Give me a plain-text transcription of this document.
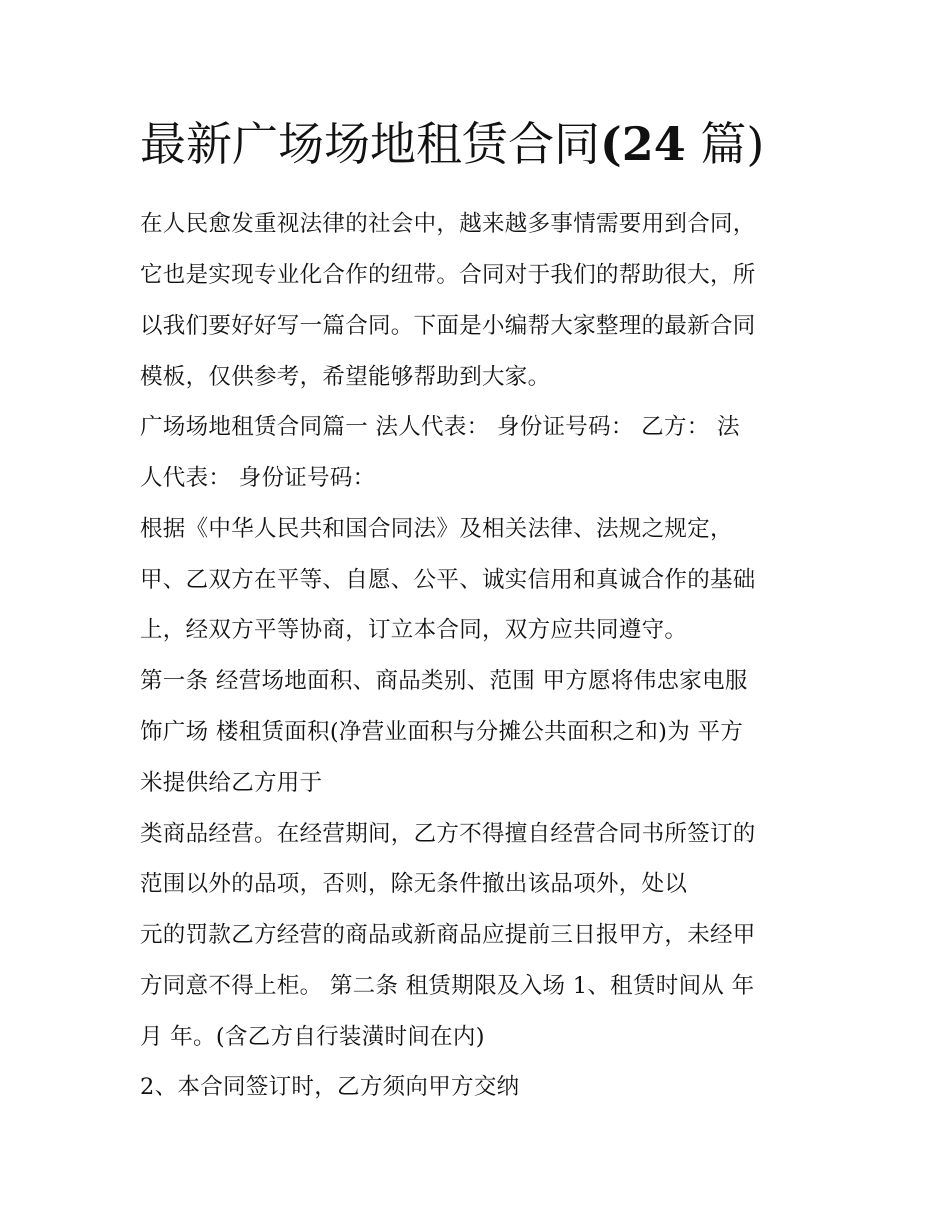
最新广场场地租赁合同(24 篇)
在人民愈发重视法律的社会中，越来越多事情需要用到合同，
它也是实现专业化合作的纽带。合同对于我们的帮助很大，所
以我们要好好写一篇合同。下面是小编帮大家整理的最新合同
模板，仅供参考，希望能够帮助到大家。
广场场地租赁合同篇一 法人代表： 身份证号码： 乙方： 法
人代表： 身份证号码：
根据《中华人民共和国合同法》及相关法律、法规之规定，
甲、乙双方在平等、自愿、公平、诚实信用和真诚合作的基础
上，经双方平等协商，订立本合同，双方应共同遵守。
第一条 经营场地面积、商品类别、范围 甲方愿将伟忠家电服
饰广场 楼租赁面积(净营业面积与分摊公共面积之和)为 平方
米提供给乙方用于
类商品经营。在经营期间，乙方不得擅自经营合同书所签订的
范围以外的品项，否则，除无条件撤出该品项外，处以
元的罚款乙方经营的商品或新商品应提前三日报甲方，未经甲
方同意不得上柜。 第二条 租赁期限及入场 1、租赁时间从 年
月 年。(含乙方自行装潢时间在内)
2、本合同签订时，乙方须向甲方交纳
